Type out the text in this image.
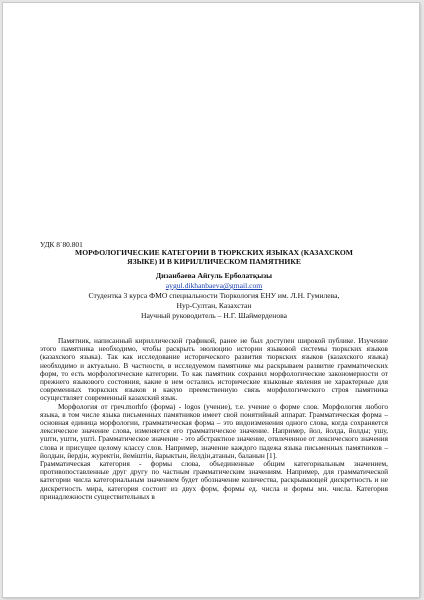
УДК 8`80.801
МОРФОЛОГИЧЕСКИЕ КАТЕГОРИИ В ТЮРКСКИХ ЯЗЫКАХ (КАЗАХСКОМ
ЯЗЫКЕ) И В КИРИЛЛИЧЕСКОМ ПАМЯТНИКЕ
Дизанбаева Айгуль Ерболатқызы
aygul.dikhanbaeva@gmail.com
Студентка 3 курса ФМО специальности Тюркология ЕНУ им. Л.Н. Гумилева,
Нур-Султан, Казахстан
Научный руководитель – Н.Г. Шаймерденова

Памятник, написанный кириллической графикой, ранее не был доступен широкой публике. Изучение этого памятника необходимо, чтобы раскрыть эволюцию истории языковой системы тюркских языков (казахского языка). Так как исследование исторического развития тюркских языков (казахского языка) необходимо и актуально. В частности, в исследуемом памятнике мы раскрываем развитие грамматических форм, то есть морфологические категории. То как памятник сохранил морфологические закономерности от прежнего языкового состояния, какие в нем остались исторические языковые явления не характерные для современных тюркских языков и какую преемственную связь морфологического строя памятника осуществляет современный казахский язык.

Морфология от греч.morhfo (форма) - logos (учение), т.е. учение о форме слов. Морфология любого языка, в том числе языка письменных памятников имеет свой понятийный аппарат. Грамматическая форма – основная единица морфологии, грамматическая форма – это видоизменения одного слова, когда сохраняется лексическое значение слова, изменяется его грамматическое значение. Например, йол, йолда, йолды; ушу, ушти, ушти, ушті. Грамматическое значение - это абстрактное значение, отвлеченное от лексического значения слова и присущее целому классу слов. Например, значение каждого падежа языка письменных памятников – йолдын, йердін, журектін, йеміштін, йарыктын, йелдін,атанын, баланын [1].

Грамматическая категория - формы слова, объединенные общим категориальным значением, противопоставленные друг другу по частным грамматическим значениям. Например, для грамматической категории числа категориальным значением будет обозначение количества, раскрывающей дискретность и не дискретность мира, категория состоит из двух форм, формы ед. числа и формы мн. числа. Категория принадлежности существительных в
